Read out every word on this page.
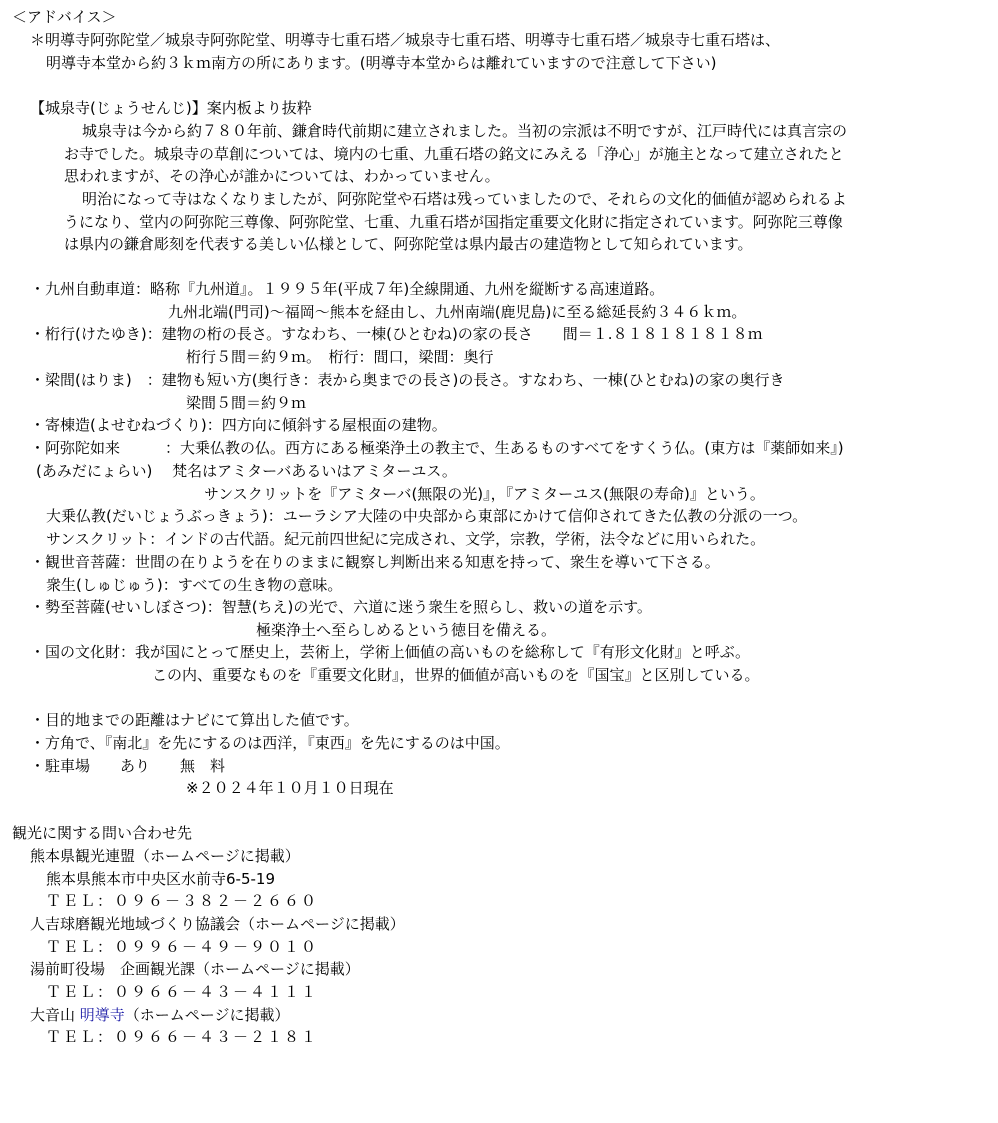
＜アドバイス＞
＊明導寺阿弥陀堂／城泉寺阿弥陀堂、明導寺七重石塔／城泉寺七重石塔、明導寺七重石塔／城泉寺七重石塔は、
明導寺本堂から約３ｋｍ南方の所にあります。(明導寺本堂からは離れていますので注意して下さい)
【城泉寺(じょうせんじ)】案内板より抜粋
城泉寺は今から約７８０年前、鎌倉時代前期に建立されました。当初の宗派は不明ですが、江戸時代には真言宗の
お寺でした。城泉寺の草創については、境内の七重、九重石塔の銘文にみえる「浄心」が施主となって建立されたと
思われますが、その浄心が誰かについては、わかっていません。
明治になって寺はなくなりましたが、阿弥陀堂や石塔は残っていましたので、それらの文化的価値が認められるよ
うになり、堂内の阿弥陀三尊像、阿弥陀堂、七重、九重石塔が国指定重要文化財に指定されています。阿弥陀三尊像
は県内の鎌倉彫刻を代表する美しい仏様として、阿弥陀堂は県内最古の建造物として知られています。
・九州自動車道：略称『九州道』。１９９５年(平成７年)全線開通、九州を縦断する高速道路。
九州北端(門司)～福岡～熊本を経由し、九州南端(鹿児島)に至る総延長約３４６ｋｍ。
・桁行(けたゆき)：建物の桁の長さ。すなわち、一棟(ひとむね)の家の長さ　　間＝１.８１８１８１８１８ｍ
桁行５間＝約９ｍ。　桁行：間口，梁間：奥行
・梁間(はりま)　：建物も短い方(奥行き：表から奥までの長さ)の長さ。すなわち、一棟(ひとむね)の家の奥行き
梁間５間＝約９ｍ
・寄棟造(よせむねづくり)：四方向に傾斜する屋根面の建物。
・阿弥陀如来　　　：大乗仏教の仏。西方にある極楽浄土の教主で、生あるものすべてをすくう仏。(東方は『薬師如来』)
(あみだにょらい)　 梵名はアミターバあるいはアミターユス。
サンスクリットを『アミターバ(無限の光)』，『アミターユス(無限の寿命)』という。
大乗仏教(だいじょうぶっきょう)：ユーラシア大陸の中央部から東部にかけて信仰されてきた仏教の分派の一つ。
サンスクリット：インドの古代語。紀元前四世紀に完成され、文学，宗教，学術，法令などに用いられた。
・観世音菩薩：世間の在りようを在りのままに観察し判断出来る知恵を持って、衆生を導いて下さる。
衆生(しゅじゅう)：すべての生き物の意味。
・勢至菩薩(せいしぼさつ)：智慧(ちえ)の光で、六道に迷う衆生を照らし、救いの道を示す。
極楽浄土へ至らしめるという徳目を備える。
・国の文化財：我が国にとって歴史上，芸術上，学術上価値の高いものを総称して『有形文化財』と呼ぶ。
この内、重要なものを『重要文化財』，世界的価値が高いものを『国宝』と区別している。
・目的地までの距離はナビにて算出した値です。
・方角で、『南北』を先にするのは西洋，『東西』を先にするのは中国。
・駐車場　　あり　　無　料
※２０２４年１０月１０日現在
観光に関する問い合わせ先
熊本県観光連盟（ホームページに掲載）
熊本県熊本市中央区水前寺6-5-19
ＴＥＬ：０９６－３８２－２６６０
人吉球磨観光地域づくり協議会（ホームページに掲載）
ＴＥＬ：０９９６－４９－９０１０
湯前町役場　企画観光課（ホームページに掲載）
ＴＥＬ：０９６６－４３－４１１１
大音山 明導寺（ホームページに掲載）
ＴＥＬ：０９６６－４３－２１８１
